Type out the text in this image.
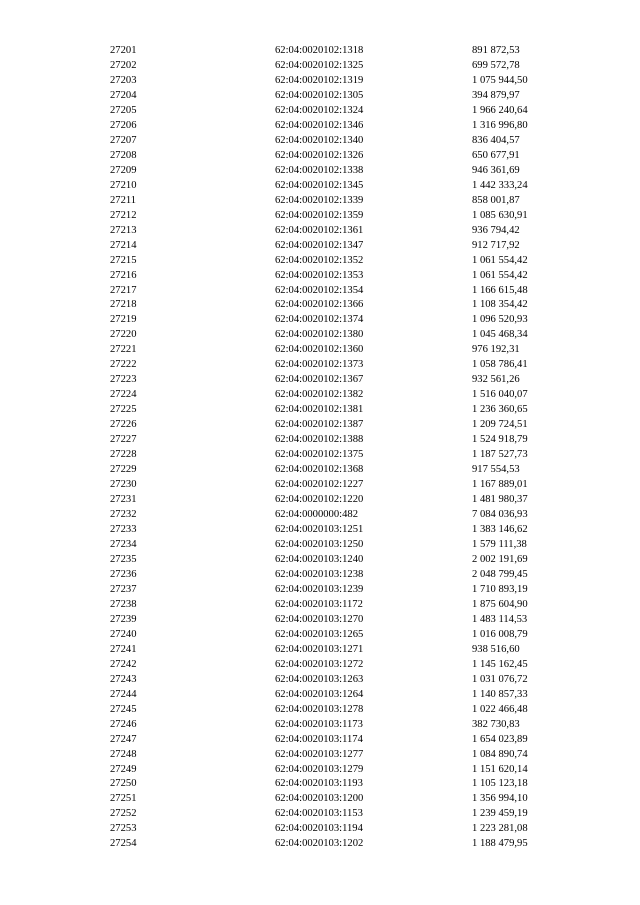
27201	62:04:0020102:1318	891 872,53
27202	62:04:0020102:1325	699 572,78
27203	62:04:0020102:1319	1 075 944,50
27204	62:04:0020102:1305	394 879,97
27205	62:04:0020102:1324	1 966 240,64
27206	62:04:0020102:1346	1 316 996,80
27207	62:04:0020102:1340	836 404,57
27208	62:04:0020102:1326	650 677,91
27209	62:04:0020102:1338	946 361,69
27210	62:04:0020102:1345	1 442 333,24
27211	62:04:0020102:1339	858 001,87
27212	62:04:0020102:1359	1 085 630,91
27213	62:04:0020102:1361	936 794,42
27214	62:04:0020102:1347	912 717,92
27215	62:04:0020102:1352	1 061 554,42
27216	62:04:0020102:1353	1 061 554,42
27217	62:04:0020102:1354	1 166 615,48
27218	62:04:0020102:1366	1 108 354,42
27219	62:04:0020102:1374	1 096 520,93
27220	62:04:0020102:1380	1 045 468,34
27221	62:04:0020102:1360	976 192,31
27222	62:04:0020102:1373	1 058 786,41
27223	62:04:0020102:1367	932 561,26
27224	62:04:0020102:1382	1 516 040,07
27225	62:04:0020102:1381	1 236 360,65
27226	62:04:0020102:1387	1 209 724,51
27227	62:04:0020102:1388	1 524 918,79
27228	62:04:0020102:1375	1 187 527,73
27229	62:04:0020102:1368	917 554,53
27230	62:04:0020102:1227	1 167 889,01
27231	62:04:0020102:1220	1 481 980,37
27232	62:04:0000000:482	7 084 036,93
27233	62:04:0020103:1251	1 383 146,62
27234	62:04:0020103:1250	1 579 111,38
27235	62:04:0020103:1240	2 002 191,69
27236	62:04:0020103:1238	2 048 799,45
27237	62:04:0020103:1239	1 710 893,19
27238	62:04:0020103:1172	1 875 604,90
27239	62:04:0020103:1270	1 483 114,53
27240	62:04:0020103:1265	1 016 008,79
27241	62:04:0020103:1271	938 516,60
27242	62:04:0020103:1272	1 145 162,45
27243	62:04:0020103:1263	1 031 076,72
27244	62:04:0020103:1264	1 140 857,33
27245	62:04:0020103:1278	1 022 466,48
27246	62:04:0020103:1173	382 730,83
27247	62:04:0020103:1174	1 654 023,89
27248	62:04:0020103:1277	1 084 890,74
27249	62:04:0020103:1279	1 151 620,14
27250	62:04:0020103:1193	1 105 123,18
27251	62:04:0020103:1200	1 356 994,10
27252	62:04:0020103:1153	1 239 459,19
27253	62:04:0020103:1194	1 223 281,08
27254	62:04:0020103:1202	1 188 479,95
